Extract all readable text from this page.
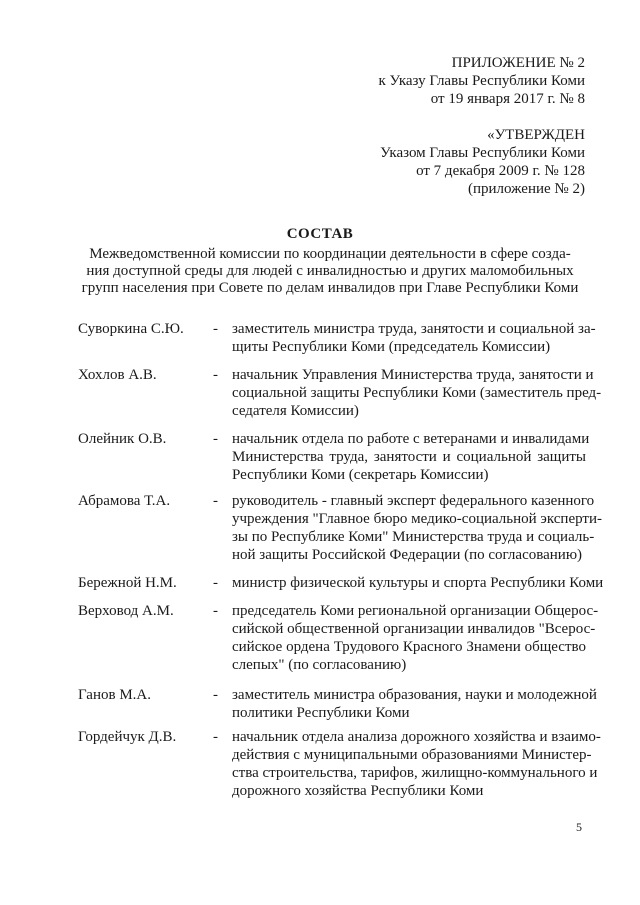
ПРИЛОЖЕНИЕ № 2
к Указу Главы Республики Коми
от 19 января 2017 г. № 8
«УТВЕРЖДЕН
Указом Главы Республики Коми
от 7 декабря 2009 г. № 128
(приложение № 2)
СОСТАВ
Межведомственной комиссии по координации деятельности в сфере созда-
ния доступной среды для людей с инвалидностью и других маломобильных
групп населения при Совете по делам инвалидов при Главе Республики Коми
Суворкина С.Ю. - заместитель министра труда, занятости и социальной за-
щиты Республики Коми (председатель Комиссии)
Хохлов А.В.	- начальник Управления Министерства труда, занятости и
социальной защиты Республики Коми (заместитель пред-
седателя Комиссии)
Олейник О.В.	- начальник отдела по работе с ветеранами и инвалидами
Министерства труда, занятости и социальной защиты
Республики Коми (секретарь Комиссии)
Абрамова Т.А.	- руководитель - главный эксперт федерального казенного
учреждения "Главное бюро медико-социальной эксперти-
зы по Республике Коми" Министерства труда и социаль-
ной защиты Российской Федерации (по согласованию)
Бережной Н.М. - министр физической культуры и спорта Республики Коми
Верховод А.М.	- председатель Коми региональной организации Общерос-
сийской общественной организации инвалидов "Всерос-
сийское ордена Трудового Красного Знамени общество
слепых" (по согласованию)
Ганов М.А.	- заместитель министра образования, науки и молодежной
политики Республики Коми
Гордейчук Д.В. - начальник отдела анализа дорожного хозяйства и взаимо-
действия с муниципальными образованиями Министер-
ства строительства, тарифов, жилищно-коммунального и
дорожного хозяйства Республики Коми
5
